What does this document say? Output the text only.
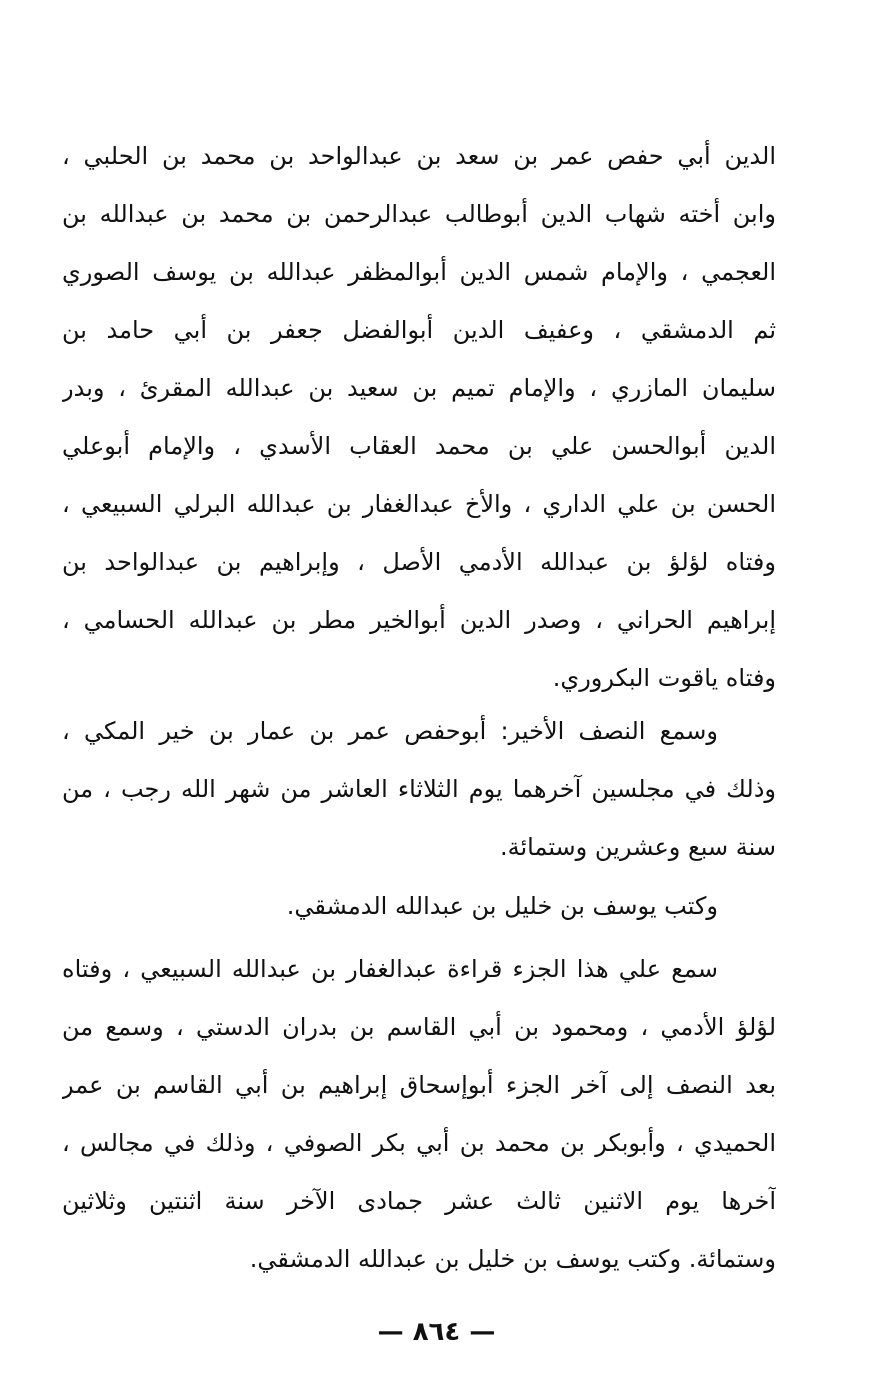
الدين أبي حفص عمر بن سعد بن عبدالواحد بن محمد بن الحلبي ،
وابن أخته شهاب الدين أبوطالب عبدالرحمن بن محمد بن عبدالله بن
العجمي ، والإمام شمس الدين أبوالمظفر عبدالله بن يوسف الصوري
ثم الدمشقي ، وعفيف الدين أبوالفضل جعفر بن أبي حامد بن
سليمان المازري ، والإمام تميم بن سعيد بن عبدالله المقرئ ، وبدر
الدين أبوالحسن علي بن محمد العقاب الأسدي ، والإمام أبوعلي
الحسن بن علي الداري ، والأخ عبدالغفار بن عبدالله البرلي السبيعي ،
وفتاه لؤلؤ بن عبدالله الأدمي الأصل ، وإبراهيم بن عبدالواحد بن
إبراهيم الحراني ، وصدر الدين أبوالخير مطر بن عبدالله الحسامي ،
وفتاه ياقوت البكروري.
وسمع النصف الأخير: أبوحفص عمر بن عمار بن خير المكي ،
وذلك في مجلسين آخرهما يوم الثلاثاء العاشر من شهر الله رجب ، من
سنة سبع وعشرين وستمائة.
وكتب يوسف بن خليل بن عبدالله الدمشقي.
سمع علي هذا الجزء قراءة عبدالغفار بن عبدالله السبيعي ، وفتاه
لؤلؤ الأدمي ، ومحمود بن أبي القاسم بن بدران الدستي ، وسمع من
بعد النصف إلى آخر الجزء أبوإسحاق إبراهيم بن أبي القاسم بن عمر
الحميدي ، وأبوبكر بن محمد بن أبي بكر الصوفي ، وذلك في مجالس ،
آخرها يوم الاثنين ثالث عشر جمادى الآخر سنة اثنتين وثلاثين
وستمائة. وكتب يوسف بن خليل بن عبدالله الدمشقي.
— ٨٦٤ —
